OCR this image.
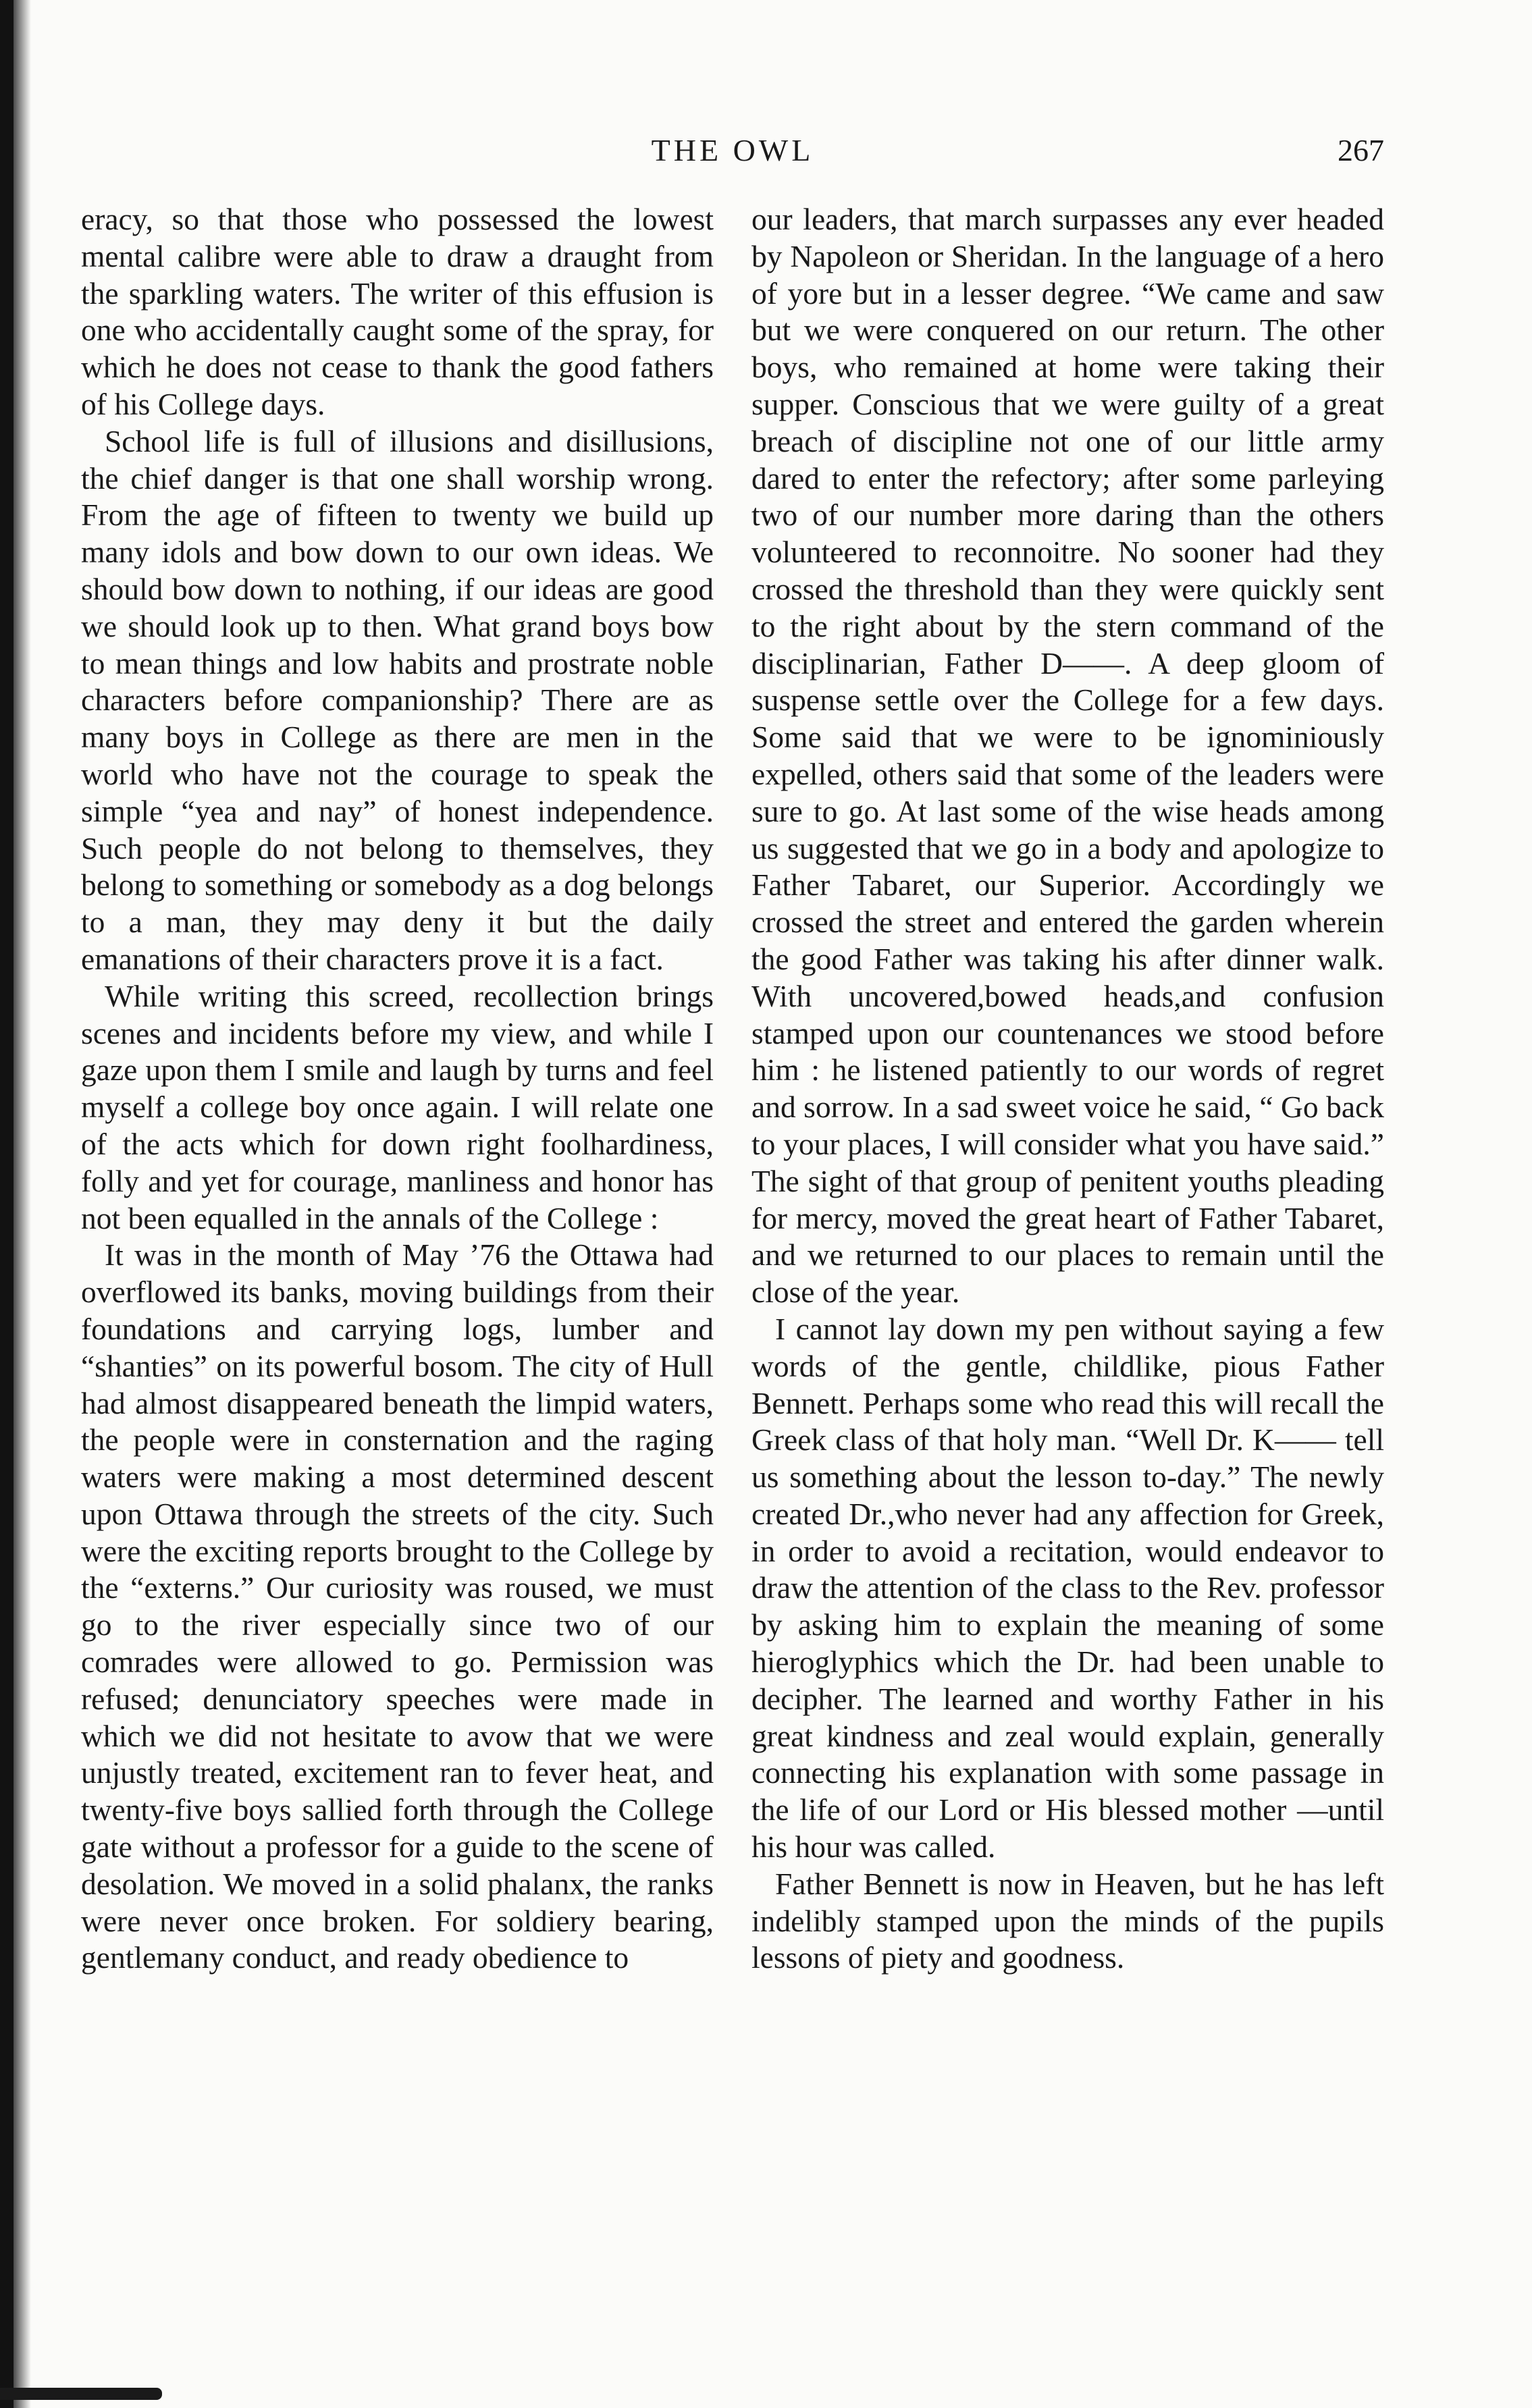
THE OWL	267

eracy, so that those who possessed the lowest mental calibre were able to draw a draught from the sparkling waters. The writer of this effusion is one who accidentally caught some of the spray, for which he does not cease to thank the good fathers of his College days.

School life is full of illusions and disillusions, the chief danger is that one shall worship wrong. From the age of fifteen to twenty we build up many idols and bow down to our own ideas. We should bow down to nothing, if our ideas are good we should look up to then. What grand boys bow to mean things and low habits and prostrate noble characters before companionship? There are as many boys in College as there are men in the world who have not the courage to speak the simple “yea and nay” of honest independence. Such people do not belong to themselves, they belong to something or somebody as a dog belongs to a man, they may deny it but the daily emanations of their characters prove it is a fact.

While writing this screed, recollection brings scenes and incidents before my view, and while I gaze upon them I smile and laugh by turns and feel myself a college boy once again. I will relate one of the acts which for down right foolhardiness, folly and yet for courage, manliness and honor has not been equalled in the annals of the College :

It was in the month of May ’76 the Ottawa had overflowed its banks, moving buildings from their foundations and carrying logs, lumber and “shanties” on its powerful bosom. The city of Hull had almost disappeared beneath the limpid waters, the people were in consternation and the raging waters were making a most determined descent upon Ottawa through the streets of the city. Such were the exciting reports brought to the College by the “externs.” Our curiosity was roused, we must go to the river especially since two of our comrades were allowed to go. Permission was refused; denunciatory speeches were made in which we did not hesitate to avow that we were unjustly treated, excitement ran to fever heat, and twenty-five boys sallied forth through the College gate without a professor for a guide to the scene of desolation. We moved in a solid phalanx, the ranks were never once broken. For soldiery bearing, gentlemany conduct, and ready obedience to

our leaders, that march surpasses any ever headed by Napoleon or Sheridan. In the language of a hero of yore but in a lesser degree. “We came and saw but we were conquered on our return. The other boys, who remained at home were taking their supper. Conscious that we were guilty of a great breach of discipline not one of our little army dared to enter the refectory; after some parleying two of our number more daring than the others volunteered to reconnoitre. No sooner had they crossed the threshold than they were quickly sent to the right about by the stern command of the disciplinarian, Father D——. A deep gloom of suspense settle over the College for a few days. Some said that we were to be ignominiously expelled, others said that some of the leaders were sure to go. At last some of the wise heads among us suggested that we go in a body and apologize to Father Tabaret, our Superior. Accordingly we crossed the street and entered the garden wherein the good Father was taking his after dinner walk. With uncovered,bowed heads,and confusion stamped upon our countenances we stood before him : he listened patiently to our words of regret and sorrow. In a sad sweet voice he said, “ Go back to your places, I will consider what you have said.” The sight of that group of penitent youths pleading for mercy, moved the great heart of Father Tabaret, and we returned to our places to remain until the close of the year.

I cannot lay down my pen without saying a few words of the gentle, childlike, pious Father Bennett. Perhaps some who read this will recall the Greek class of that holy man. “Well Dr. K—— tell us something about the lesson to-day.” The newly created Dr.,who never had any affection for Greek, in order to avoid a recitation, would endeavor to draw the attention of the class to the Rev. professor by asking him to explain the meaning of some hieroglyphics which the Dr. had been unable to decipher. The learned and worthy Father in his great kindness and zeal would explain, generally connecting his explanation with some passage in the life of our Lord or His blessed mother —until his hour was called.

Father Bennett is now in Heaven, but he has left indelibly stamped upon the minds of the pupils lessons of piety and goodness.
